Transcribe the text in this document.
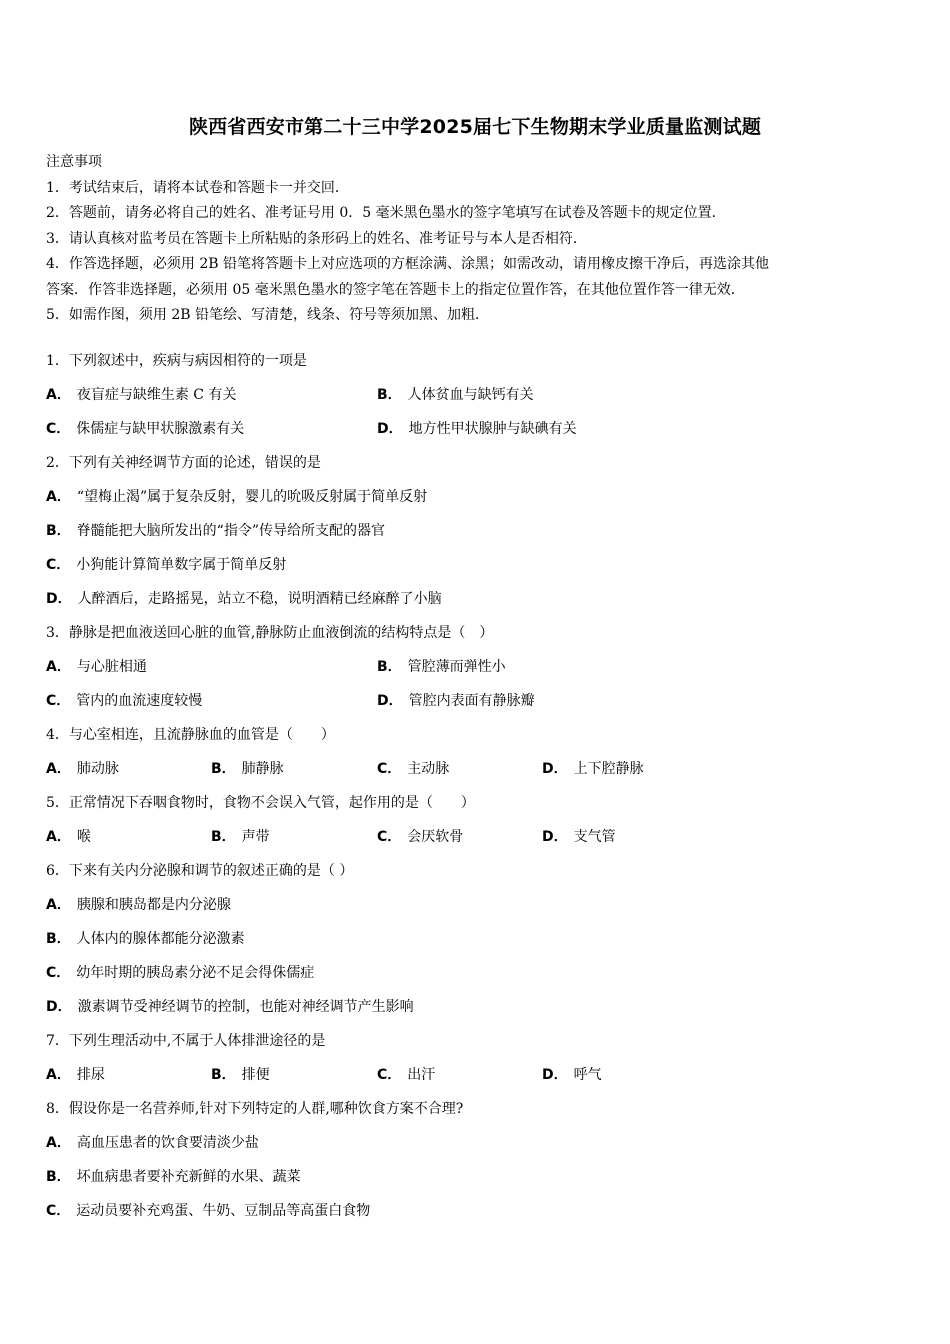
陕西省西安市第二十三中学2025届七下生物期末学业质量监测试题
注意事项
1．考试结束后，请将本试卷和答题卡一并交回．
2．答题前，请务必将自己的姓名、准考证号用 0．5 毫米黑色墨水的签字笔填写在试卷及答题卡的规定位置．
3．请认真核对监考员在答题卡上所粘贴的条形码上的姓名、准考证号与本人是否相符．
4．作答选择题，必须用 2B 铅笔将答题卡上对应选项的方框涂满、涂黑；如需改动，请用橡皮擦干净后，再选涂其他
答案．作答非选择题，必须用 05 毫米黑色墨水的签字笔在答题卡上的指定位置作答，在其他位置作答一律无效．
5．如需作图，须用 2B 铅笔绘、写清楚，线条、符号等须加黑、加粗．
1．下列叙述中，疾病与病因相符的一项是
A． 夜盲症与缺维生素 C 有关	B． 人体贫血与缺钙有关
C． 侏儒症与缺甲状腺激素有关	D． 地方性甲状腺肿与缺碘有关
2．下列有关神经调节方面的论述，错误的是
A． “望梅止渴”属于复杂反射，婴儿的吮吸反射属于简单反射
B． 脊髓能把大脑所发出的“指令”传导给所支配的器官
C． 小狗能计算简单数字属于简单反射
D． 人醉酒后，走路摇晃，站立不稳，说明酒精已经麻醉了小脑
3．静脉是把血液送回心脏的血管,静脉防止血液倒流的结构特点是（　）
A． 与心脏相通	B． 管腔薄而弹性小
C． 管内的血流速度较慢	D． 管腔内表面有静脉瓣
4．与心室相连，且流静脉血的血管是（　　）
A． 肺动脉	B． 肺静脉	C． 主动脉	D． 上下腔静脉
5．正常情况下吞咽食物时，食物不会误入气管，起作用的是（　　）
A． 喉	B． 声带	C． 会厌软骨	D． 支气管
6．下来有关内分泌腺和调节的叙述正确的是（ ）
A． 胰腺和胰岛都是内分泌腺
B． 人体内的腺体都能分泌激素
C． 幼年时期的胰岛素分泌不足会得侏儒症
D． 激素调节受神经调节的控制，也能对神经调节产生影响
7．下列生理活动中,不属于人体排泄途径的是
A． 排尿	B． 排便	C． 出汗	D． 呼气
8．假设你是一名营养师,针对下列特定的人群,哪种饮食方案不合理?
A． 高血压患者的饮食要清淡少盐
B． 坏血病患者要补充新鲜的水果、蔬菜
C． 运动员要补充鸡蛋、牛奶、豆制品等高蛋白食物
